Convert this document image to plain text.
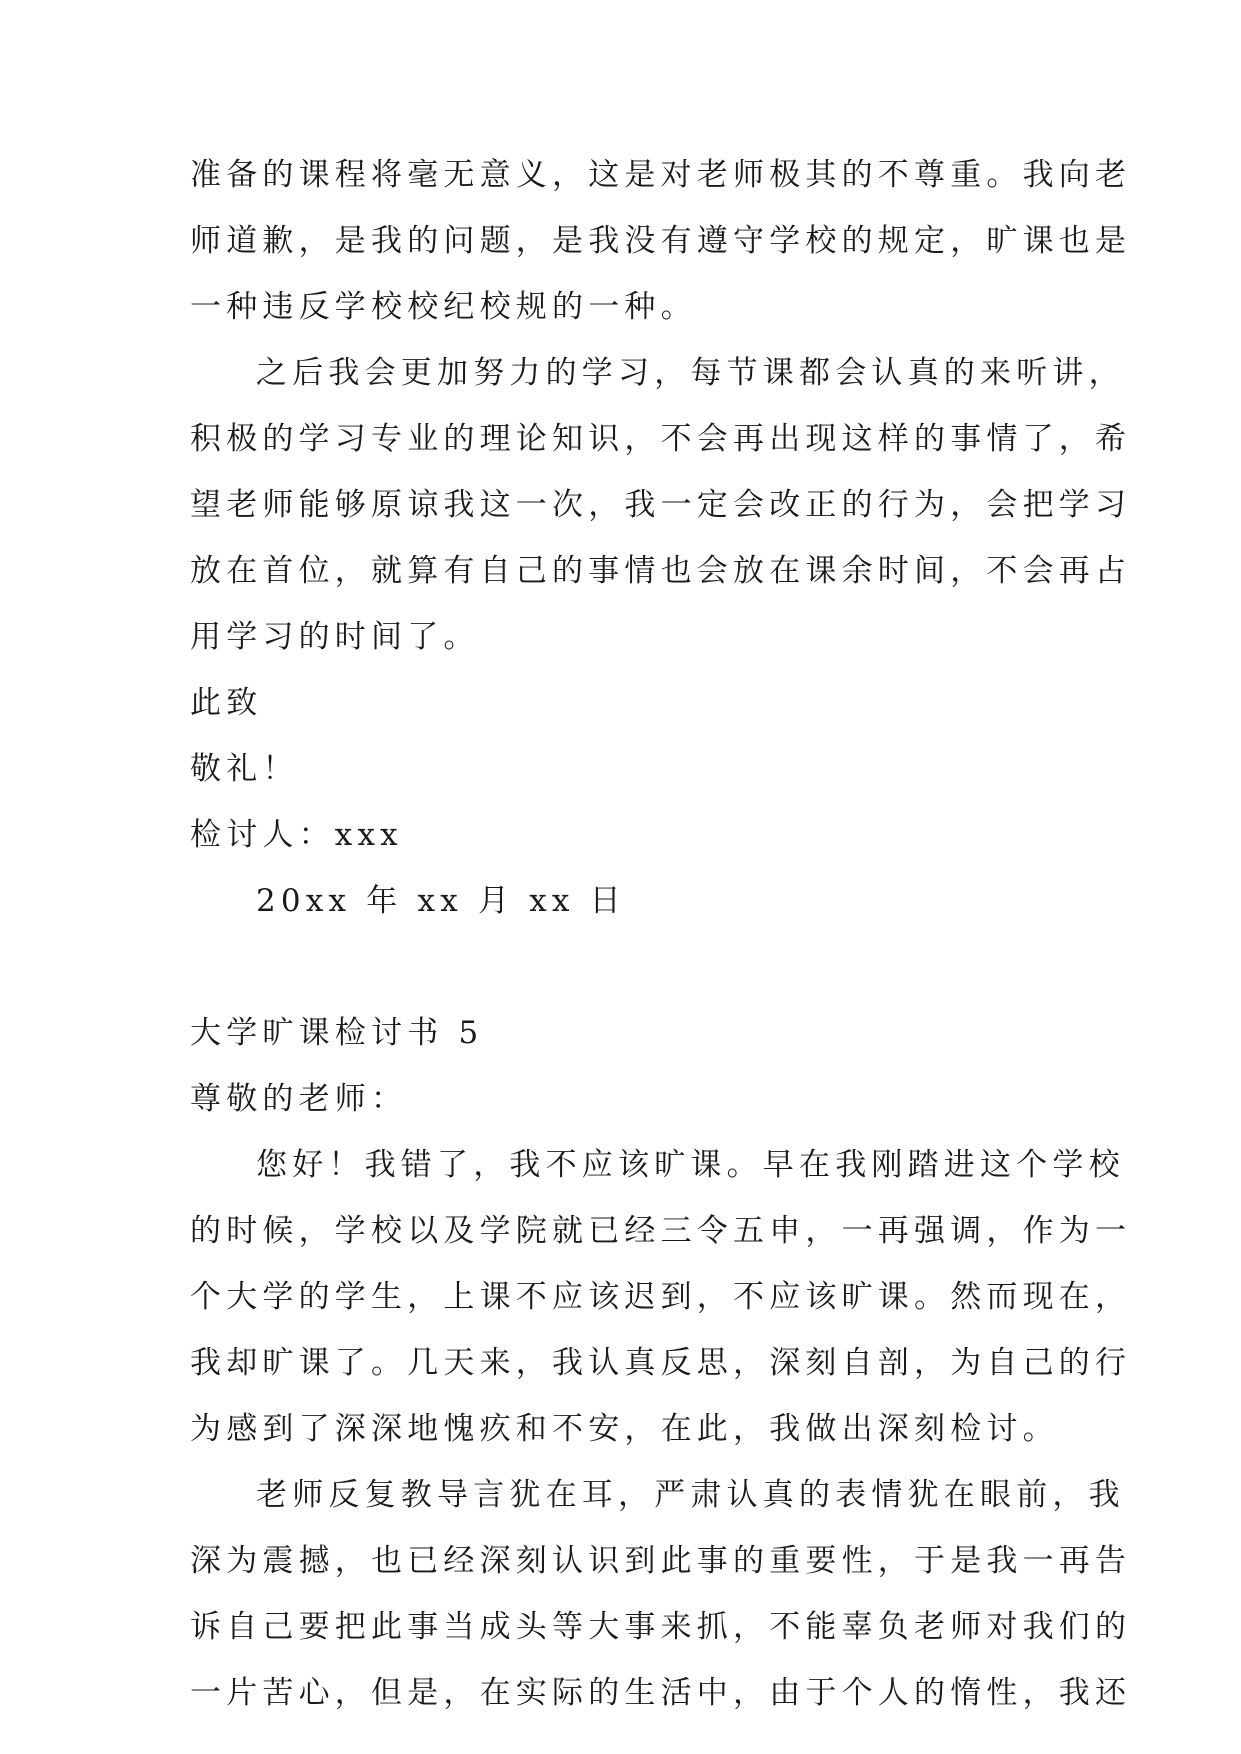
准备的课程将毫无意义，这是对老师极其的不尊重。我向老
师道歉，是我的问题，是我没有遵守学校的规定，旷课也是
一种违反学校校纪校规的一种。
之后我会更加努力的学习，每节课都会认真的来听讲，
积极的学习专业的理论知识，不会再出现这样的事情了，希
望老师能够原谅我这一次，我一定会改正的行为，会把学习
放在首位，就算有自己的事情也会放在课余时间，不会再占
用学习的时间了。
此致
敬礼！
检讨人：xxx
20xx 年 xx 月 xx 日
大学旷课检讨书 5
尊敬的老师：
您好！我错了，我不应该旷课。早在我刚踏进这个学校
的时候，学校以及学院就已经三令五申，一再强调，作为一
个大学的学生，上课不应该迟到，不应该旷课。然而现在，
我却旷课了。几天来，我认真反思，深刻自剖，为自己的行
为感到了深深地愧疚和不安，在此，我做出深刻检讨。
老师反复教导言犹在耳，严肃认真的表情犹在眼前，我
深为震撼，也已经深刻认识到此事的重要性，于是我一再告
诉自己要把此事当成头等大事来抓，不能辜负老师对我们的
一片苦心，但是，在实际的生活中，由于个人的惰性，我还
